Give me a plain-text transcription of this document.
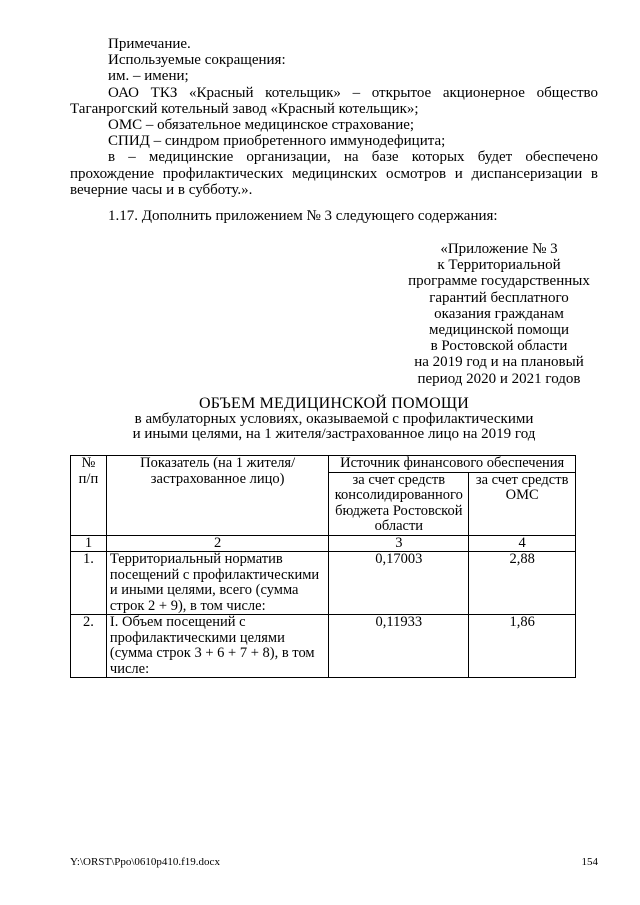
Примечание.
Используемые сокращения:
им. – имени;
ОАО ТКЗ «Красный котельщик» – открытое акционерное общество Таганрогский котельный завод «Красный котельщик»;
ОМС – обязательное медицинское страхование;
СПИД – синдром приобретенного иммунодефицита;
в – медицинские организации, на базе которых будет обеспечено прохождение профилактических медицинских осмотров и диспансеризации в вечерние часы и в субботу.».
1.17. Дополнить приложением № 3 следующего содержания:
«Приложение № 3
к Территориальной
программе государственных
гарантий бесплатного
оказания гражданам
медицинской помощи
в Ростовской области
на 2019 год и на плановый
период 2020 и 2021 годов
ОБЪЕМ МЕДИЦИНСКОЙ ПОМОЩИ
в амбулаторных условиях, оказываемой с профилактическими
и иными целями, на 1 жителя/застрахованное лицо на 2019 год
№ п/п	Показатель (на 1 жителя/застрахованное лицо)	Источник финансового обеспечения	
		за счет средств консолидированного бюджета Ростовской области	за счет средств ОМС
1	2	3	4
1.	Территориальный норматив посещений с профилактическими и иными целями, всего (сумма строк 2 + 9), в том числе:	0,17003	2,88
2.	I. Объем посещений с профилактическими целями (сумма строк 3 + 6 + 7 + 8), в том числе:	0,11933	1,86
Y:\ORST\Ppo\0610p410.f19.docx	154
